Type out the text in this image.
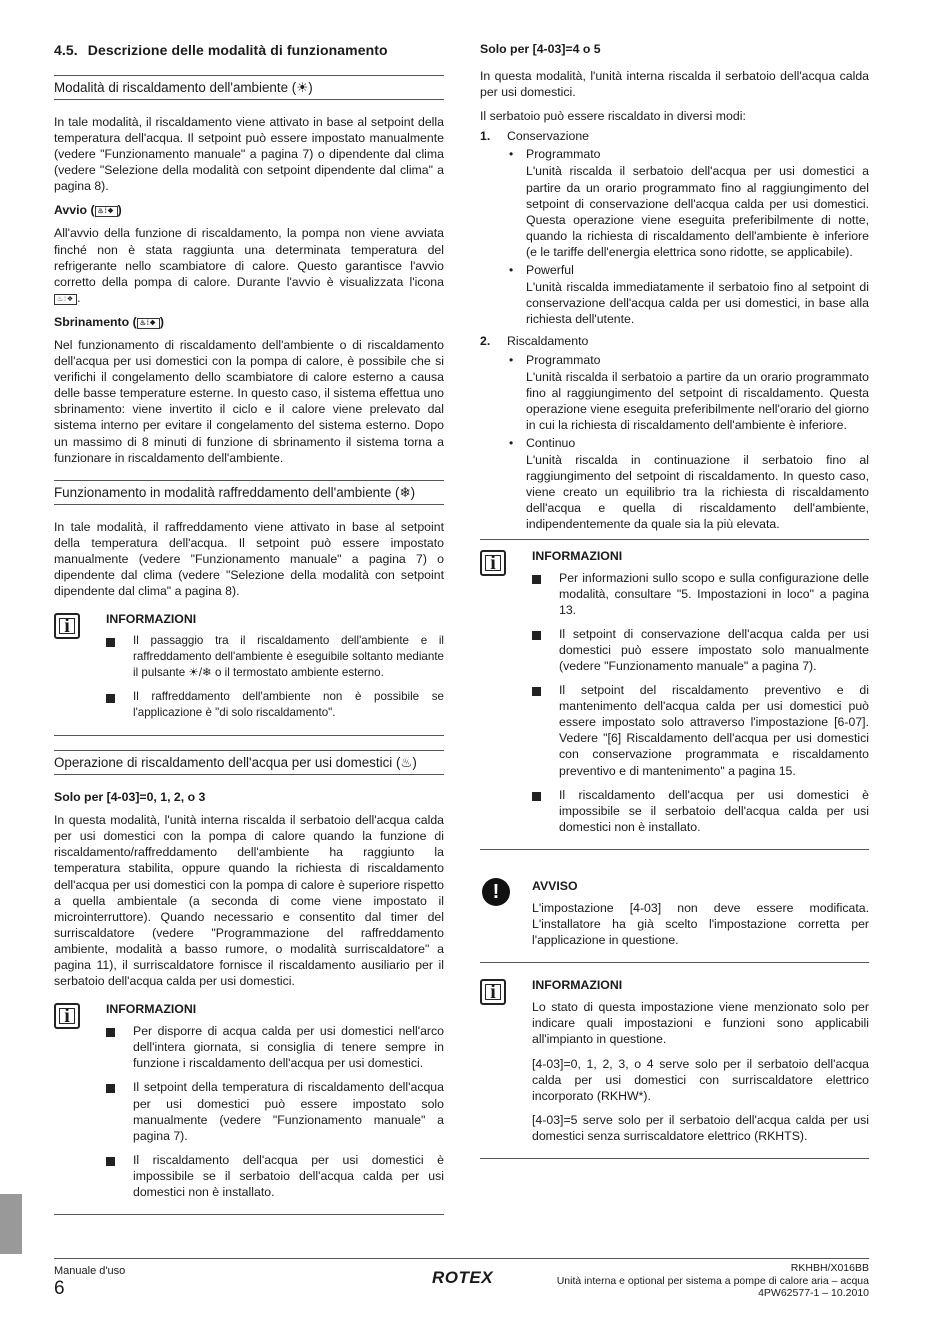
4.5. Descrizione delle modalità di funzionamento
Modalità di riscaldamento dell'ambiente (☀)

In tale modalità, il riscaldamento viene attivato in base al setpoint della temperatura dell'acqua. Il setpoint può essere impostato manualmente (vedere "Funzionamento manuale" a pagina 7) o dipendente dal clima (vedere "Selezione della modalità con setpoint dipendente dal clima" a pagina 8).

Avvio ( ♨⦙❖ )

All'avvio della funzione di riscaldamento, la pompa non viene avviata finché non è stata raggiunta una determinata temperatura del refrigerante nello scambiatore di calore. Questo garantisce l'avvio corretto della pompa di calore. Durante l'avvio è visualizzata l'icona ♨⦙❖ .

Sbrinamento ( ♨⦙❖ )

Nel funzionamento di riscaldamento dell'ambiente o di riscaldamento dell'acqua per usi domestici con la pompa di calore, è possibile che si verifichi il congelamento dello scambiatore di calore esterno a causa delle basse temperature esterne. In questo caso, il sistema effettua uno sbrinamento: viene invertito il ciclo e il calore viene prelevato dal sistema interno per evitare il congelamento del sistema esterno. Dopo un massimo di 8 minuti di funzione di sbrinamento il sistema torna a funzionare in riscaldamento dell'ambiente.

Funzionamento in modalità raffreddamento dell'ambiente (❄)

In tale modalità, il raffreddamento viene attivato in base al setpoint della temperatura dell'acqua. Il setpoint può essere impostato manualmente (vedere "Funzionamento manuale" a pagina 7) o dipendente dal clima (vedere "Selezione della modalità con setpoint dipendente dal clima" a pagina 8).

i	INFORMAZIONI

Il passaggio tra il riscaldamento dell'ambiente e il raffreddamento dell'ambiente è eseguibile soltanto mediante il pulsante ☀/❄ o il termostato ambiente esterno.

Il raffreddamento dell'ambiente non è possibile se l'applicazione è "di solo riscaldamento".

Operazione di riscaldamento dell'acqua per usi domestici (♨)
Solo per [4-03]=0, 1, 2, o 3

In questa modalità, l'unità interna riscalda il serbatoio dell'acqua calda per usi domestici con la pompa di calore quando la funzione di riscaldamento/raffreddamento dell'ambiente ha raggiunto la temperatura stabilita, oppure quando la richiesta di riscaldamento dell'acqua per usi domestici con la pompa di calore è superiore rispetto a quella ambientale (a seconda di come viene impostato il microinterruttore). Quando necessario e consentito dal timer del surriscaldatore (vedere "Programmazione del raffreddamento ambiente, modalità a basso rumore, o modalità surriscaldatore" a pagina 11), il surriscaldatore fornisce il riscaldamento ausiliario per il serbatoio dell'acqua calda per usi domestici.

i	INFORMAZIONI

Per disporre di acqua calda per usi domestici nell'arco dell'intera giornata, si consiglia di tenere sempre in funzione i riscaldamento dell'acqua per usi domestici.

Il setpoint della temperatura di riscaldamento dell'acqua per usi domestici può essere impostato solo manualmente (vedere "Funzionamento manuale" a pagina 7).

Il riscaldamento dell'acqua per usi domestici è impossibile se il serbatoio dell'acqua calda per usi domestici non è installato.

Solo per [4-03]=4 o 5

In questa modalità, l'unità interna riscalda il serbatoio dell'acqua calda per usi domestici.

Il serbatoio può essere riscaldato in diversi modi:

1. Conservazione
• Programmato

L'unità riscalda il serbatoio dell'acqua per usi domestici a partire da un orario programmato fino al raggiungimento del setpoint di conservazione dell'acqua calda per usi domestici. Questa operazione viene eseguita preferibilmente di notte, quando la richiesta di riscaldamento dell'ambiente è inferiore (e le tariffe dell'energia elettrica sono ridotte, se applicabile).

• Powerful

L'unità riscalda immediatamente il serbatoio fino al setpoint di conservazione dell'acqua calda per usi domestici, in base alla richiesta dell'utente.

2. Riscaldamento
• Programmato

L'unità riscalda il serbatoio a partire da un orario programmato fino al raggiungimento del setpoint di riscaldamento. Questa operazione viene eseguita preferibilmente nell'orario del giorno in cui la richiesta di riscaldamento dell'ambiente è inferiore.

• Continuo

L'unità riscalda in continuazione il serbatoio fino al raggiungimento del setpoint di riscaldamento. In questo caso, viene creato un equilibrio tra la richiesta di riscaldamento dell'acqua e quella di riscaldamento dell'ambiente, indipendentemente da quale sia la più elevata.

i	INFORMAZIONI

Per informazioni sullo scopo e sulla configurazione delle modalità, consultare "5. Impostazioni in loco" a pagina 13.

Il setpoint di conservazione dell'acqua calda per usi domestici può essere impostato solo manualmente (vedere "Funzionamento manuale" a pagina 7).

Il setpoint del riscaldamento preventivo e di mantenimento dell'acqua calda per usi domestici può essere impostato solo attraverso l'impostazione [6-07]. Vedere "[6] Riscaldamento dell'acqua per usi domestici con conservazione programmata e riscaldamento preventivo e di mantenimento" a pagina 15.

Il riscaldamento dell'acqua per usi domestici è impossibile se il serbatoio dell'acqua calda per usi domestici non è installato.

!	AVVISO

L'impostazione [4-03] non deve essere modificata. L'installatore ha già scelto l'impostazione corretta per l'applicazione in questione.

i	INFORMAZIONI

Lo stato di questa impostazione viene menzionato solo per indicare quali impostazioni e funzioni sono applicabili all'impianto in questione.

[4-03]=0, 1, 2, 3, o 4 serve solo per il serbatoio dell'acqua calda per usi domestici con surriscaldatore elettrico incorporato (RKHW*).

[4-03]=5 serve solo per il serbatoio dell'acqua calda per usi domestici senza surriscaldatore elettrico (RKHTS).

Manuale d'uso
6
ROTEX	RKHBH/X016BB
Unità interna e optional per sistema a pompe di calore aria – acqua
4PW62577-1 – 10.2010
